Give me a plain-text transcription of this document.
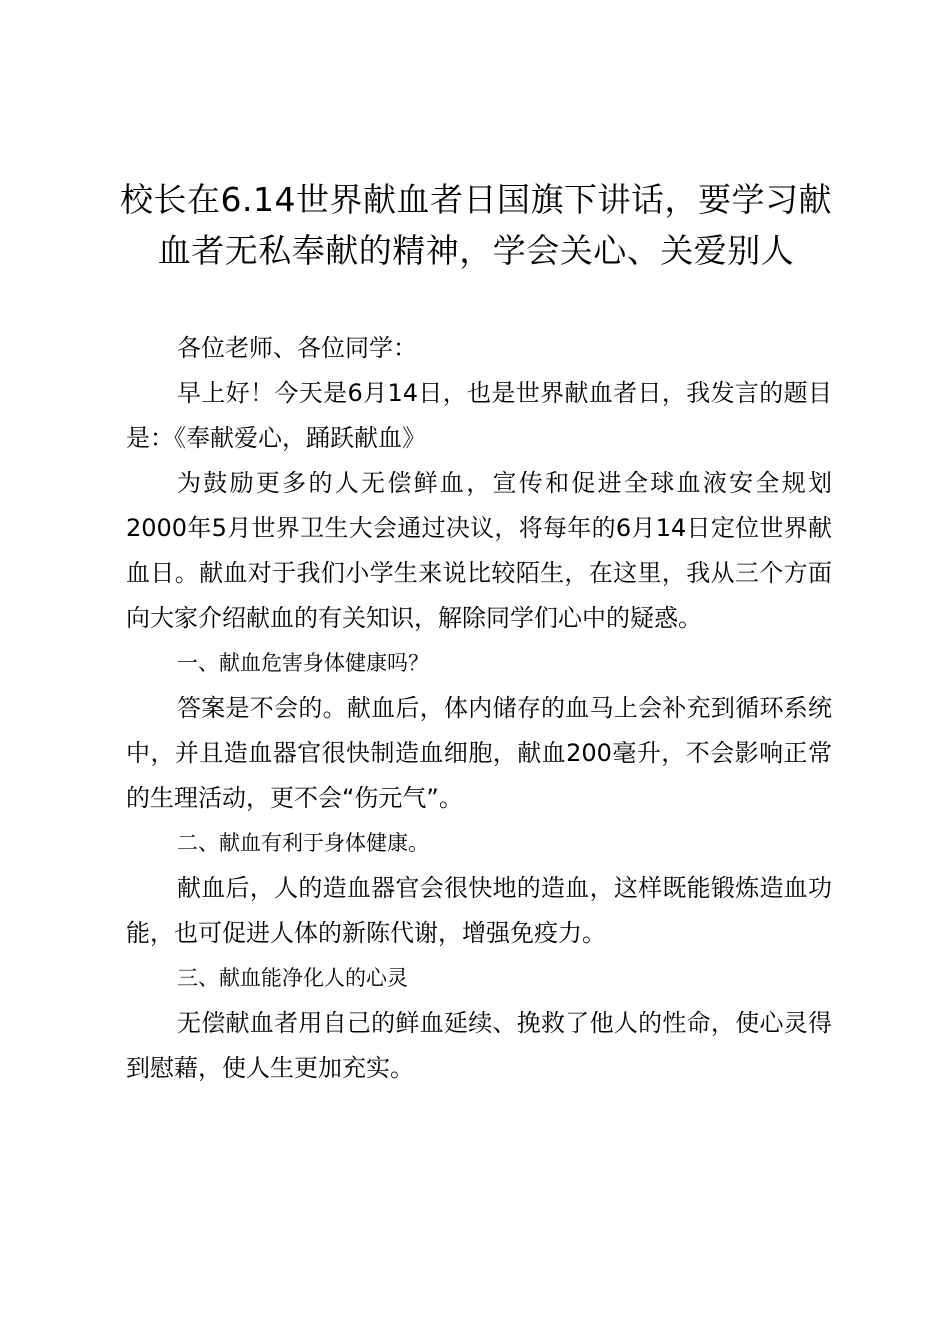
校长在6.14世界献血者日国旗下讲话，要学习献血者无私奉献的精神，学会关心、关爱别人

各位老师、各位同学：

早上好！今天是6月14日，也是世界献血者日，我发言的题目是：《奉献爱心，踊跃献血》

为鼓励更多的人无偿鲜血，宣传和促进全球血液安全规划2000年5月世界卫生大会通过决议，将每年的6月14日定位世界献血日。献血对于我们小学生来说比较陌生，在这里，我从三个方面向大家介绍献血的有关知识，解除同学们心中的疑惑。

一、献血危害身体健康吗？

答案是不会的。献血后，体内储存的血马上会补充到循环系统中，并且造血器官很快制造血细胞，献血200毫升，不会影响正常的生理活动，更不会“伤元气”。

二、献血有利于身体健康。

献血后，人的造血器官会很快地的造血，这样既能锻炼造血功能，也可促进人体的新陈代谢，增强免疫力。

三、献血能净化人的心灵

无偿献血者用自己的鲜血延续、挽救了他人的性命，使心灵得到慰藉，使人生更加充实。
